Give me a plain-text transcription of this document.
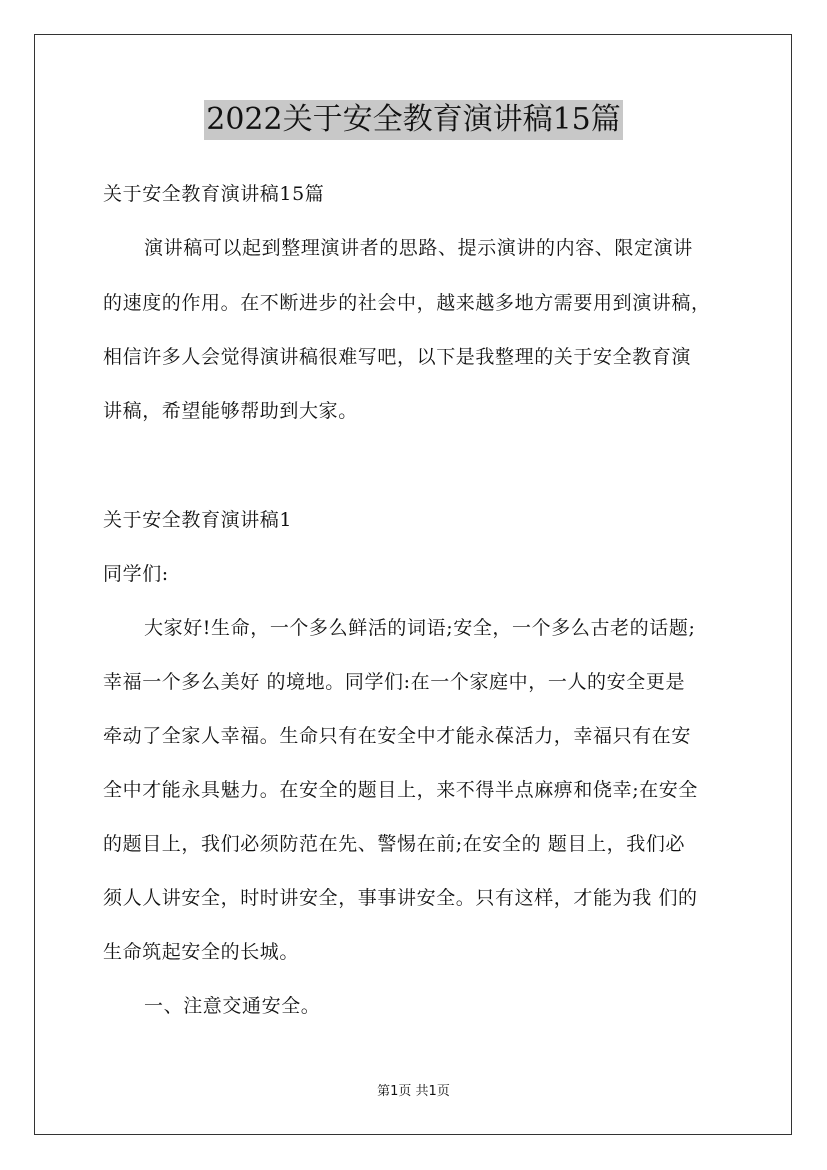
2022关于安全教育演讲稿15篇
关于安全教育演讲稿15篇
演讲稿可以起到整理演讲者的思路、提示演讲的内容、限定演讲
的速度的作用。在不断进步的社会中，越来越多地方需要用到演讲稿，
相信许多人会觉得演讲稿很难写吧，以下是我整理的关于安全教育演
讲稿，希望能够帮助到大家。
关于安全教育演讲稿1
同学们:
大家好!生命，一个多么鲜活的词语;安全，一个多么古老的话题;
幸福一个多么美好 的境地。同学们:在一个家庭中，一人的安全更是
牵动了全家人幸福。生命只有在安全中才能永葆活力，幸福只有在安
全中才能永具魅力。在安全的题目上，来不得半点麻痹和侥幸;在安全
的题目上，我们必须防范在先、警惕在前;在安全的 题目上，我们必
须人人讲安全，时时讲安全，事事讲安全。只有这样，才能为我 们的
生命筑起安全的长城。
一、注意交通安全。
第1页 共1页
